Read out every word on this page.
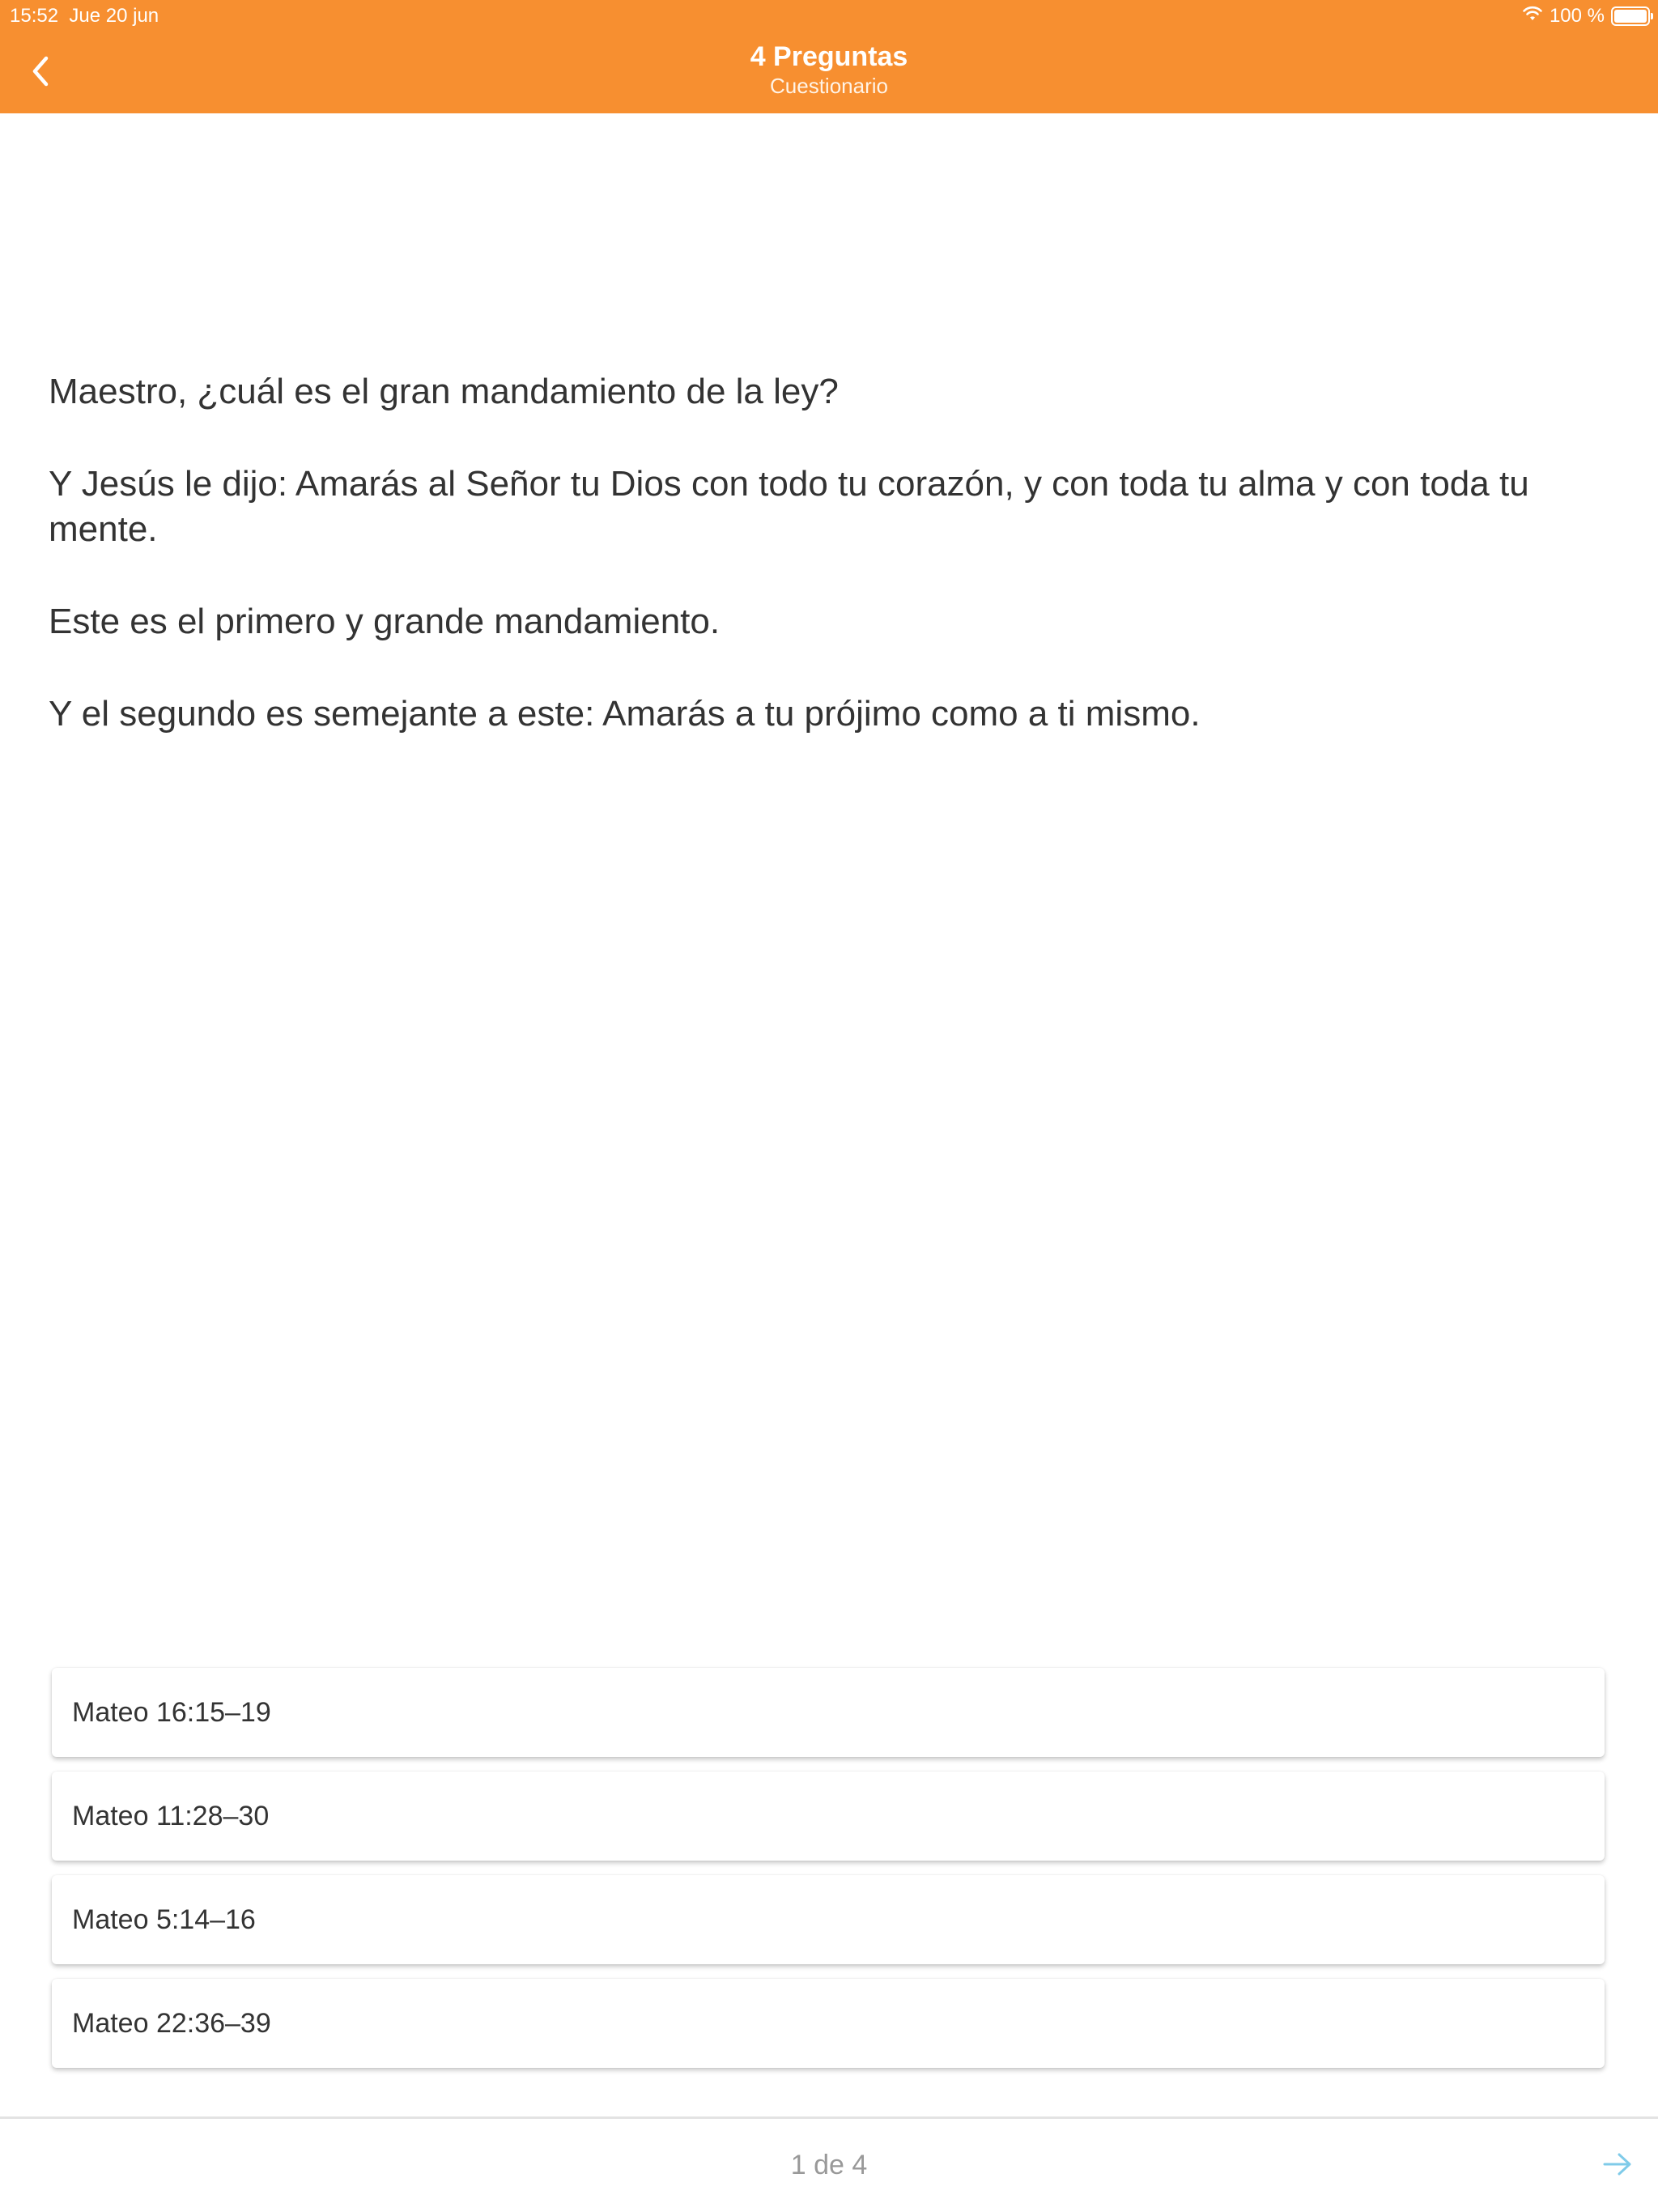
15:52  Jue 20 jun	100 %
4 Preguntas
Cuestionario

Maestro, ¿cuál es el gran mandamiento de la ley?

Y Jesús le dijo: Amarás al Señor tu Dios con todo tu corazón, y con toda tu alma y con toda tu mente.

Este es el primero y grande mandamiento.

Y el segundo es semejante a este: Amarás a tu prójimo como a ti mismo.

Mateo 16:15–19
Mateo 11:28–30
Mateo 5:14–16
Mateo 22:36–39
1 de 4
